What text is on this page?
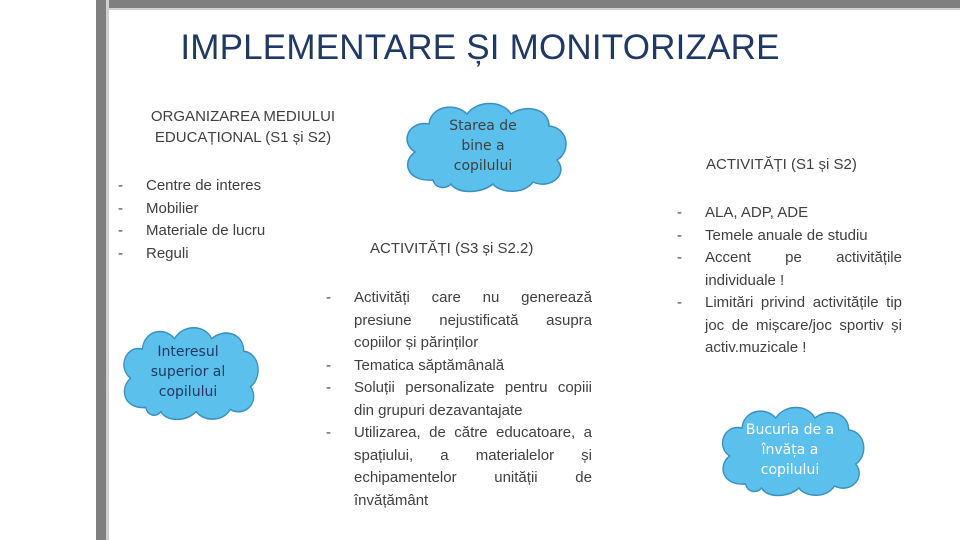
IMPLEMENTARE ȘI MONITORIZARE
ORGANIZAREA MEDIULUI
EDUCAȚIONAL (S1 și S2)
- Centre de interes
- Mobilier
- Materiale de lucru
- Reguli
Starea de
bine a
copilului
Interesul
superior al
copilului
ACTIVITĂȚI (S3 și S2.2)
- Activități care nu generează presiune nejustificată asupra copiilor și părinților
- Tematica săptămânală
- Soluții personalizate pentru copiii din grupuri dezavantajate
- Utilizarea, de către educatoare, a spațiului, a materialelor și echipamentelor unității de învățământ
ACTIVITĂȚI (S1 și S2)
- ALA, ADP, ADE
- Temele anuale de studiu
- Accent pe activitățile individuale !
- Limitări privind activitățile tip joc de mișcare/joc sportiv și activ.muzicale !
Bucuria de a
învăța a
copilului
